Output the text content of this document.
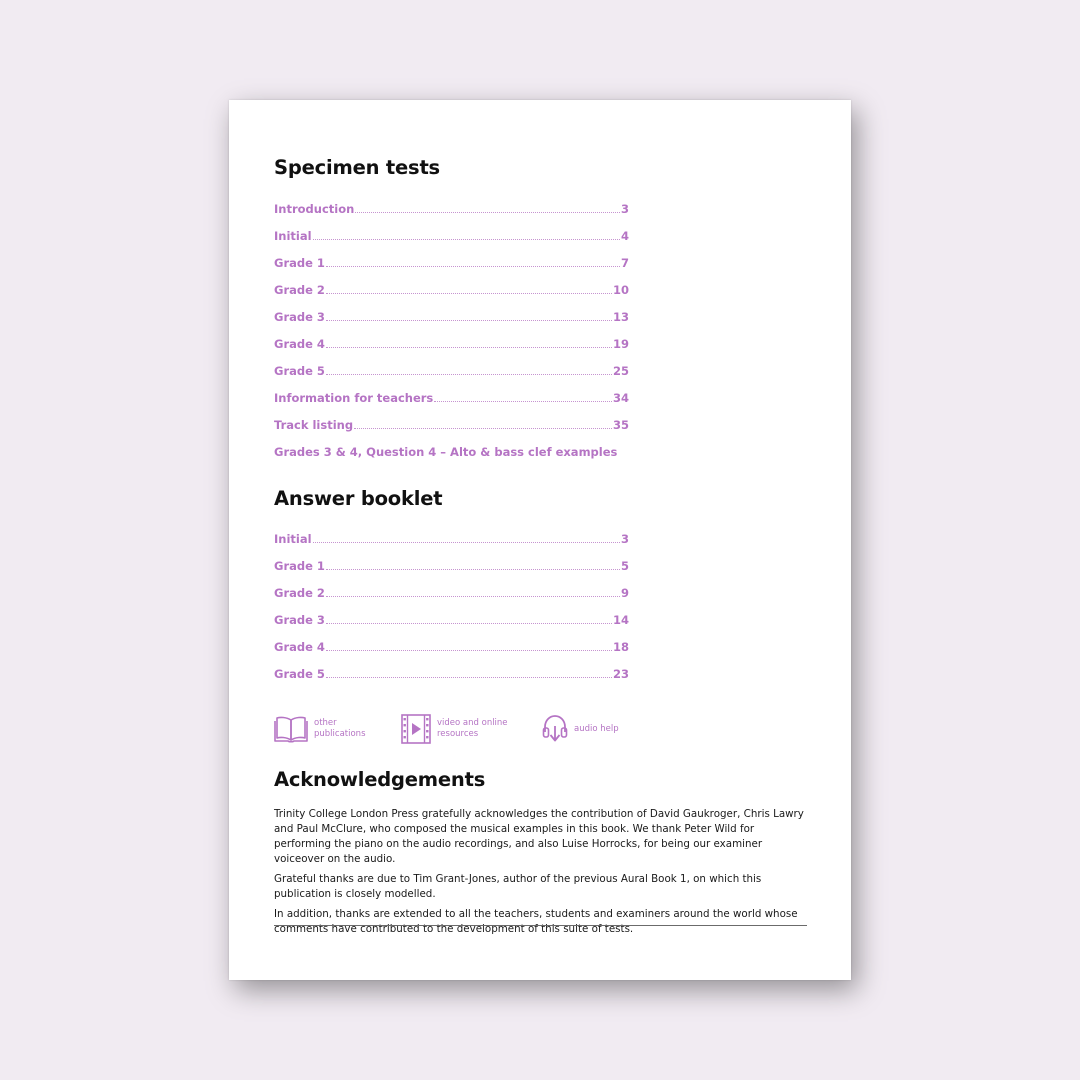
Specimen tests
Introduction	3
Initial	4
Grade 1	7
Grade 2	10
Grade 3	13
Grade 4	19
Grade 5	25
Information for teachers	34
Track listing	35
Grades 3 & 4, Question 4 – Alto & bass clef examples
Answer booklet
Initial	3
Grade 1	5
Grade 2	9
Grade 3	14
Grade 4	18
Grade 5	23
other
publications
video and online
resources
audio help
Acknowledgements

Trinity College London Press gratefully acknowledges the contribution of David Gaukroger, Chris Lawry and Paul McClure, who composed the musical examples in this book. We thank Peter Wild for performing the piano on the audio recordings, and also Luise Horrocks, for being our examiner voiceover on the audio.

Grateful thanks are due to Tim Grant-Jones, author of the previous Aural Book 1, on which this publication is closely modelled.

In addition, thanks are extended to all the teachers, students and examiners around the world whose comments have contributed to the development of this suite of tests.
